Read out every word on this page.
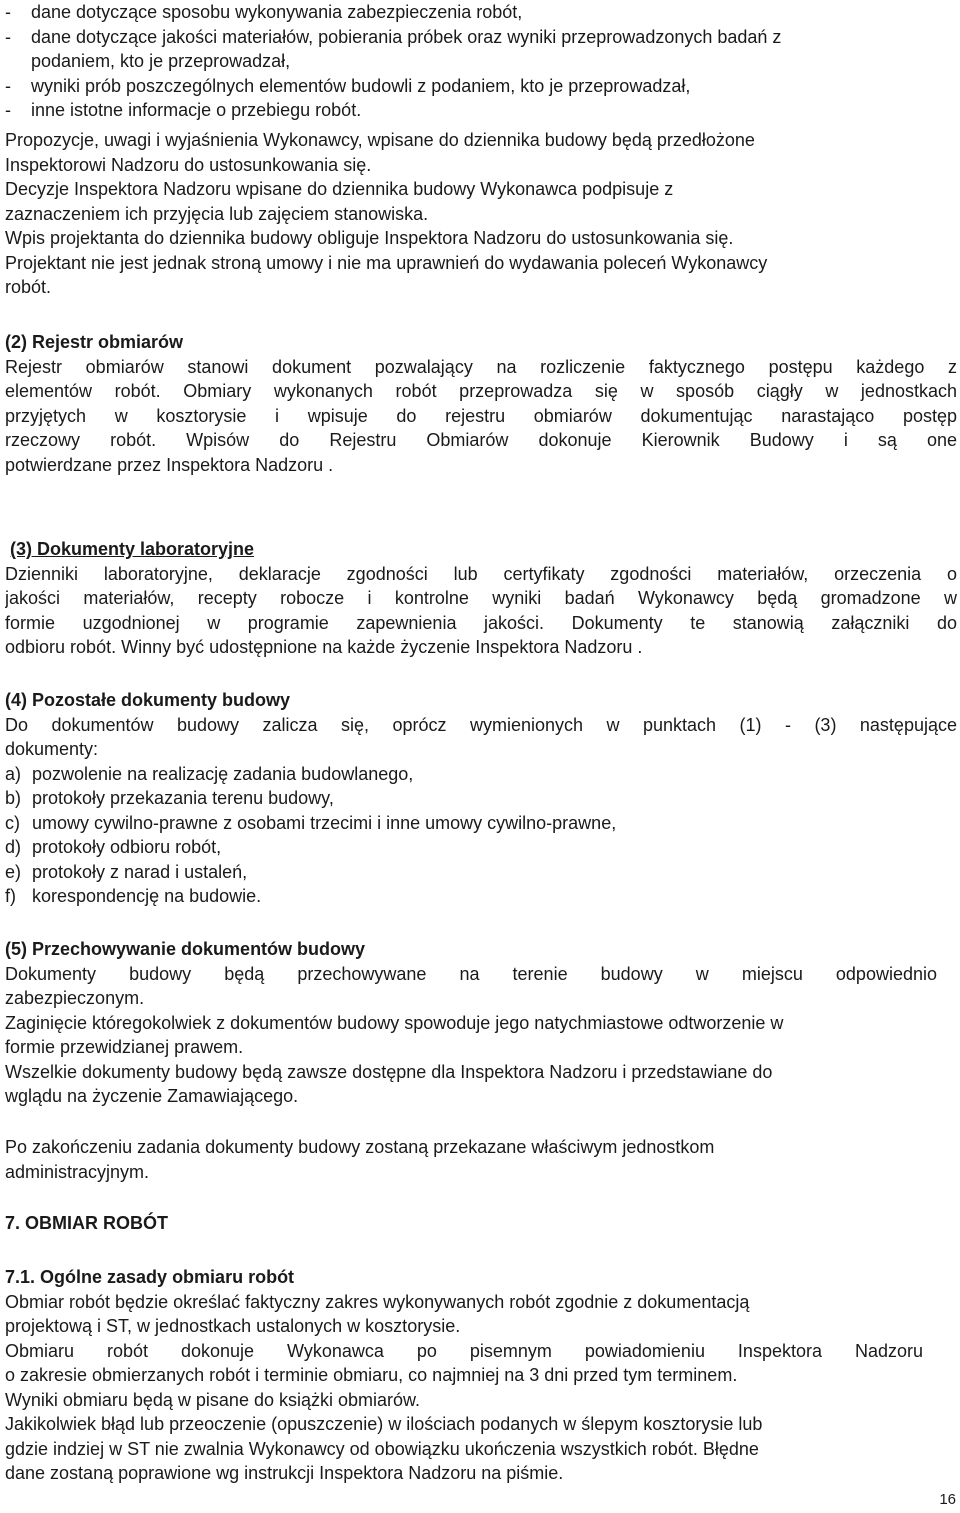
- dane dotyczące sposobu wykonywania zabezpieczenia robót,
- dane dotyczące jakości materiałów, pobierania próbek oraz wyniki przeprowadzonych badań z
podaniem, kto je przeprowadzał,
- wyniki prób poszczególnych elementów budowli z podaniem, kto je przeprowadzał,
- inne istotne informacje o przebiegu robót.
Propozycje, uwagi i wyjaśnienia Wykonawcy, wpisane do dziennika budowy będą przedłożone
Inspektorowi Nadzoru do ustosunkowania się.
Decyzje Inspektora Nadzoru wpisane do dziennika budowy Wykonawca podpisuje z
zaznaczeniem ich przyjęcia lub zajęciem stanowiska.
Wpis projektanta do dziennika budowy obliguje Inspektora Nadzoru do ustosunkowania się.
Projektant nie jest jednak stroną umowy i nie ma uprawnień do wydawania poleceń Wykonawcy
robót.
(2) Rejestr obmiarów
Rejestr obmiarów stanowi dokument pozwalający na rozliczenie faktycznego postępu każdego z
elementów robót. Obmiary wykonanych robót przeprowadza się w sposób ciągły w jednostkach
przyjętych w kosztorysie i wpisuje do rejestru obmiarów dokumentując narastająco postęp
rzeczowy robót. Wpisów do Rejestru Obmiarów dokonuje Kierownik Budowy i są one
potwierdzane przez Inspektora Nadzoru .
(3) Dokumenty laboratoryjne
Dzienniki laboratoryjne, deklaracje zgodności lub certyfikaty zgodności materiałów, orzeczenia o
jakości materiałów, recepty robocze i kontrolne wyniki badań Wykonawcy będą gromadzone w
formie uzgodnionej w programie zapewnienia jakości. Dokumenty te stanowią załączniki do
odbioru robót. Winny być udostępnione na każde życzenie Inspektora Nadzoru .
(4) Pozostałe dokumenty budowy
Do dokumentów budowy zalicza się, oprócz wymienionych w punktach (1) - (3) następujące
dokumenty:
a) pozwolenie na realizację zadania budowlanego,
b) protokoły przekazania terenu budowy,
c) umowy cywilno-prawne z osobami trzecimi i inne umowy cywilno-prawne,
d) protokoły odbioru robót,
e) protokoły z narad i ustaleń,
f) korespondencję na budowie.
(5) Przechowywanie dokumentów budowy
Dokumenty budowy będą przechowywane na terenie budowy w miejscu odpowiednio
zabezpieczonym.
Zaginięcie któregokolwiek z dokumentów budowy spowoduje jego natychmiastowe odtworzenie w
formie przewidzianej prawem.
Wszelkie dokumenty budowy będą zawsze dostępne dla Inspektora Nadzoru i przedstawiane do
wglądu na życzenie Zamawiającego.
Po zakończeniu zadania dokumenty budowy zostaną przekazane właściwym jednostkom
administracyjnym.
7. OBMIAR ROBÓT
7.1. Ogólne zasady obmiaru robót
Obmiar robót będzie określać faktyczny zakres wykonywanych robót zgodnie z dokumentacją
projektową i ST, w jednostkach ustalonych w kosztorysie.
Obmiaru robót dokonuje Wykonawca po pisemnym powiadomieniu Inspektora Nadzoru
o zakresie obmierzanych robót i terminie obmiaru, co najmniej na 3 dni przed tym terminem.
Wyniki obmiaru będą w pisane do książki obmiarów.
Jakikolwiek błąd lub przeoczenie (opuszczenie) w ilościach podanych w ślepym kosztorysie lub
gdzie indziej w ST nie zwalnia Wykonawcy od obowiązku ukończenia wszystkich robót. Błędne
dane zostaną poprawione wg instrukcji Inspektora Nadzoru na piśmie.
16
